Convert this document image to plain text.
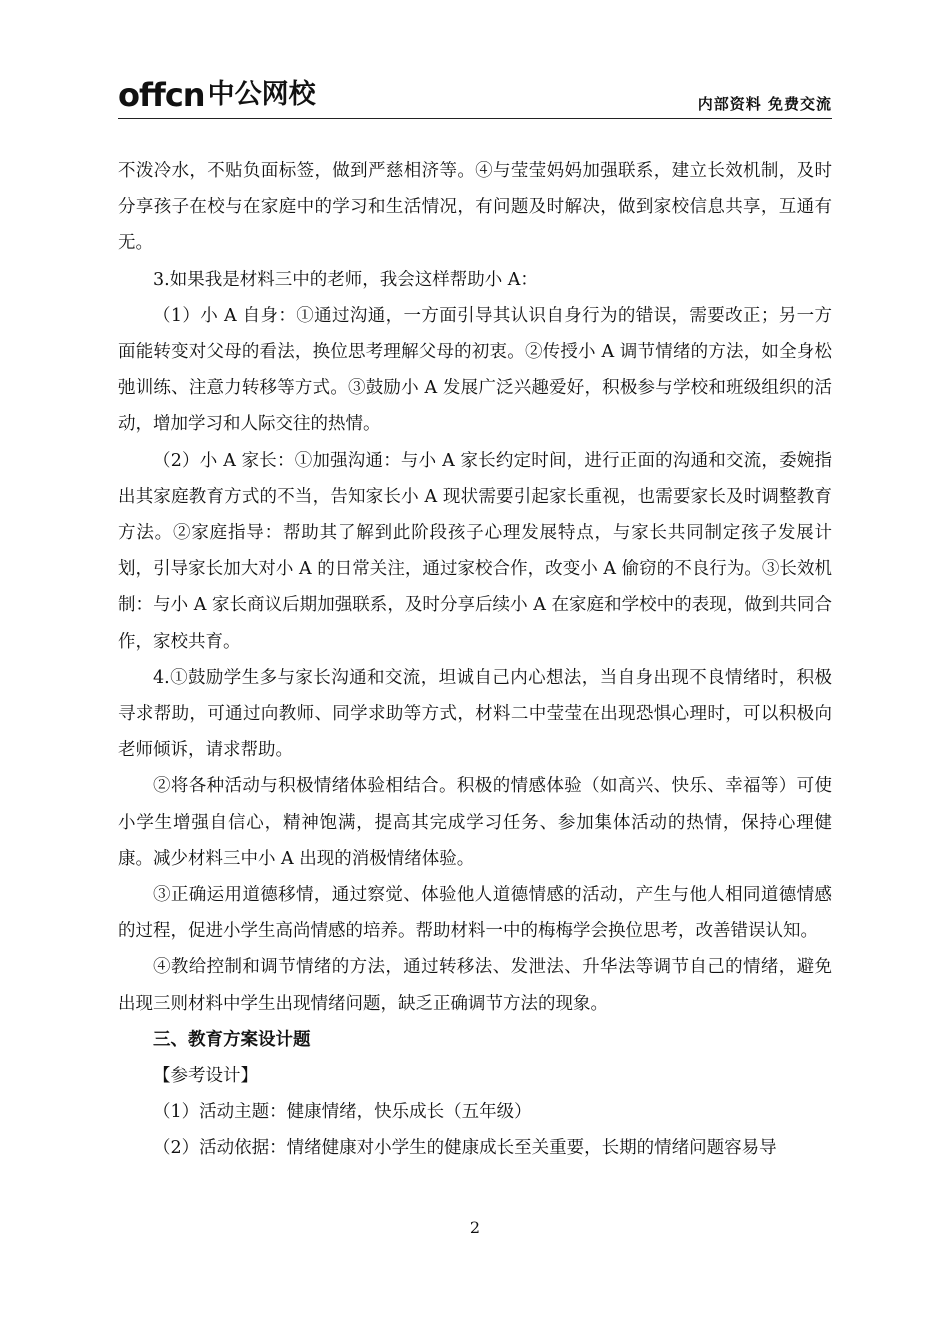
offcn 中公网校	内部资料 免费交流

不泼冷水，不贴负面标签，做到严慈相济等。④与莹莹妈妈加强联系，建立长效机制，及时分享孩子在校与在家庭中的学习和生活情况，有问题及时解决，做到家校信息共享，互通有无。

3.如果我是材料三中的老师，我会这样帮助小 A：

（1）小 A 自身：①通过沟通，一方面引导其认识自身行为的错误，需要改正；另一方面能转变对父母的看法，换位思考理解父母的初衷。②传授小 A 调节情绪的方法，如全身松弛训练、注意力转移等方式。③鼓励小 A 发展广泛兴趣爱好，积极参与学校和班级组织的活动，增加学习和人际交往的热情。

（2）小 A 家长：①加强沟通：与小 A 家长约定时间，进行正面的沟通和交流，委婉指出其家庭教育方式的不当，告知家长小 A 现状需要引起家长重视，也需要家长及时调整教育方法。②家庭指导：帮助其了解到此阶段孩子心理发展特点，与家长共同制定孩子发展计划，引导家长加大对小 A 的日常关注，通过家校合作，改变小 A 偷窃的不良行为。③长效机制：与小 A 家长商议后期加强联系，及时分享后续小 A 在家庭和学校中的表现，做到共同合作，家校共育。

4.①鼓励学生多与家长沟通和交流，坦诚自己内心想法，当自身出现不良情绪时，积极寻求帮助，可通过向教师、同学求助等方式，材料二中莹莹在出现恐惧心理时，可以积极向老师倾诉，请求帮助。

②将各种活动与积极情绪体验相结合。积极的情感体验（如高兴、快乐、幸福等）可使小学生增强自信心，精神饱满，提高其完成学习任务、参加集体活动的热情，保持心理健康。减少材料三中小 A 出现的消极情绪体验。

③正确运用道德移情，通过察觉、体验他人道德情感的活动，产生与他人相同道德情感的过程，促进小学生高尚情感的培养。帮助材料一中的梅梅学会换位思考，改善错误认知。

④教给控制和调节情绪的方法，通过转移法、发泄法、升华法等调节自己的情绪，避免出现三则材料中学生出现情绪问题，缺乏正确调节方法的现象。

三、教育方案设计题

【参考设计】

（1）活动主题：健康情绪，快乐成长（五年级）

（2）活动依据：情绪健康对小学生的健康成长至关重要，长期的情绪问题容易导

2
